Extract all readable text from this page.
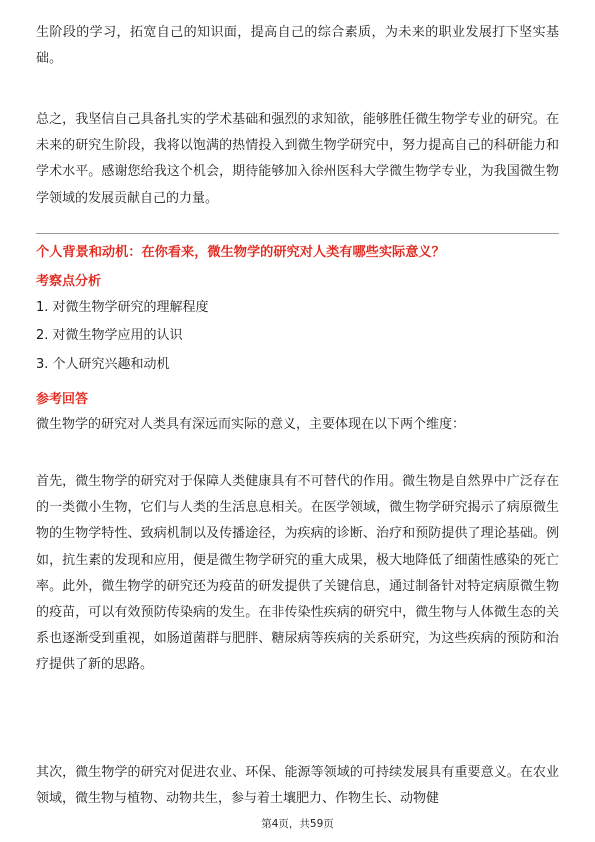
生阶段的学习，拓宽自己的知识面，提高自己的综合素质，为未来的职业发展打下坚实基础。

总之，我坚信自己具备扎实的学术基础和强烈的求知欲，能够胜任微生物学专业的研究。在未来的研究生阶段，我将以饱满的热情投入到微生物学研究中，努力提高自己的科研能力和学术水平。感谢您给我这个机会，期待能够加入徐州医科大学微生物学专业，为我国微生物学领域的发展贡献自己的力量。

个人背景和动机：在你看来，微生物学的研究对人类有哪些实际意义？

考察点分析

1. 对微生物学研究的理解程度

2. 对微生物学应用的认识

3. 个人研究兴趣和动机

参考回答

微生物学的研究对人类具有深远而实际的意义，主要体现在以下两个维度：

首先，微生物学的研究对于保障人类健康具有不可替代的作用。微生物是自然界中广泛存在的一类微小生物，它们与人类的生活息息相关。在医学领域，微生物学研究揭示了病原微生物的生物学特性、致病机制以及传播途径，为疾病的诊断、治疗和预防提供了理论基础。例如，抗生素的发现和应用，便是微生物学研究的重大成果，极大地降低了细菌性感染的死亡率。此外，微生物学的研究还为疫苗的研发提供了关键信息，通过制备针对特定病原微生物的疫苗，可以有效预防传染病的发生。在非传染性疾病的研究中，微生物与人体微生态的关系也逐渐受到重视，如肠道菌群与肥胖、糖尿病等疾病的关系研究，为这些疾病的预防和治疗提供了新的思路。

其次，微生物学的研究对促进农业、环保、能源等领域的可持续发展具有重要意义。在农业领域，微生物与植物、动物共生，参与着土壤肥力、作物生长、动物健

第4页，共59页
